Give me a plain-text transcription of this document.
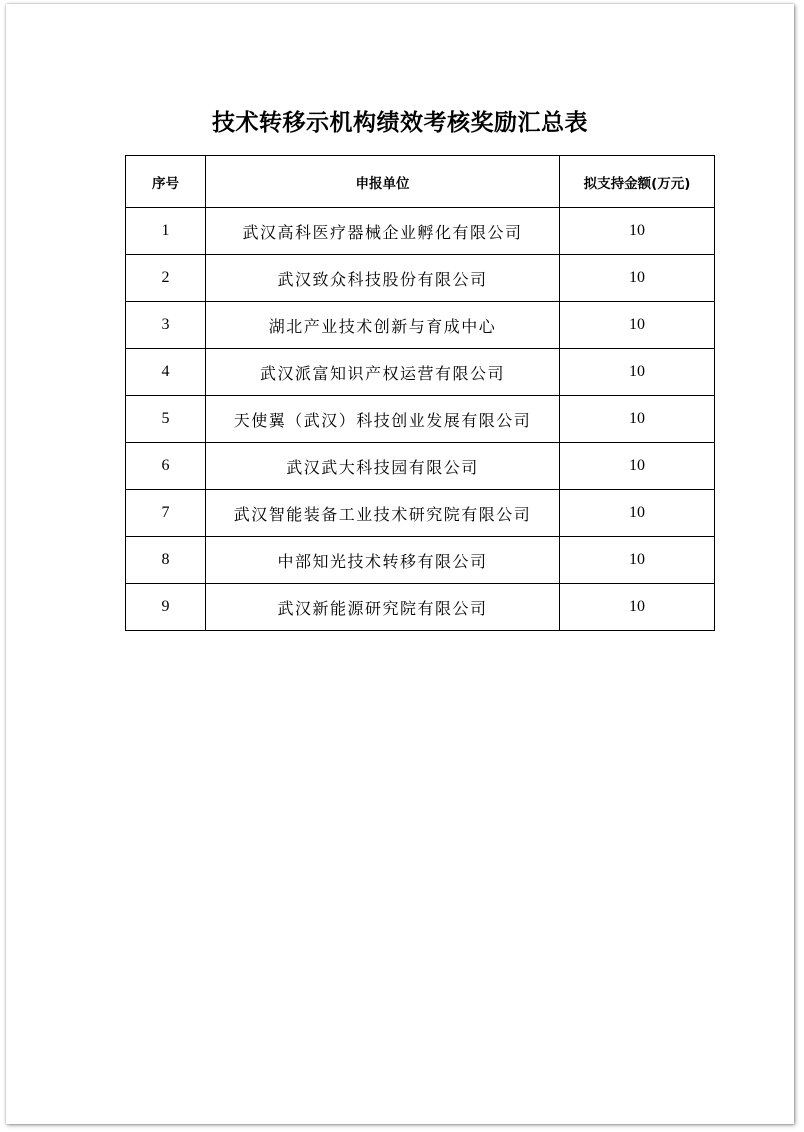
技术转移示机构绩效考核奖励汇总表
序号	申报单位	拟支持金额(万元)
1	武汉高科医疗器械企业孵化有限公司	10
2	武汉致众科技股份有限公司	10
3	湖北产业技术创新与育成中心	10
4	武汉派富知识产权运营有限公司	10
5	天使翼（武汉）科技创业发展有限公司	10
6	武汉武大科技园有限公司	10
7	武汉智能装备工业技术研究院有限公司	10
8	中部知光技术转移有限公司	10
9	武汉新能源研究院有限公司	10
